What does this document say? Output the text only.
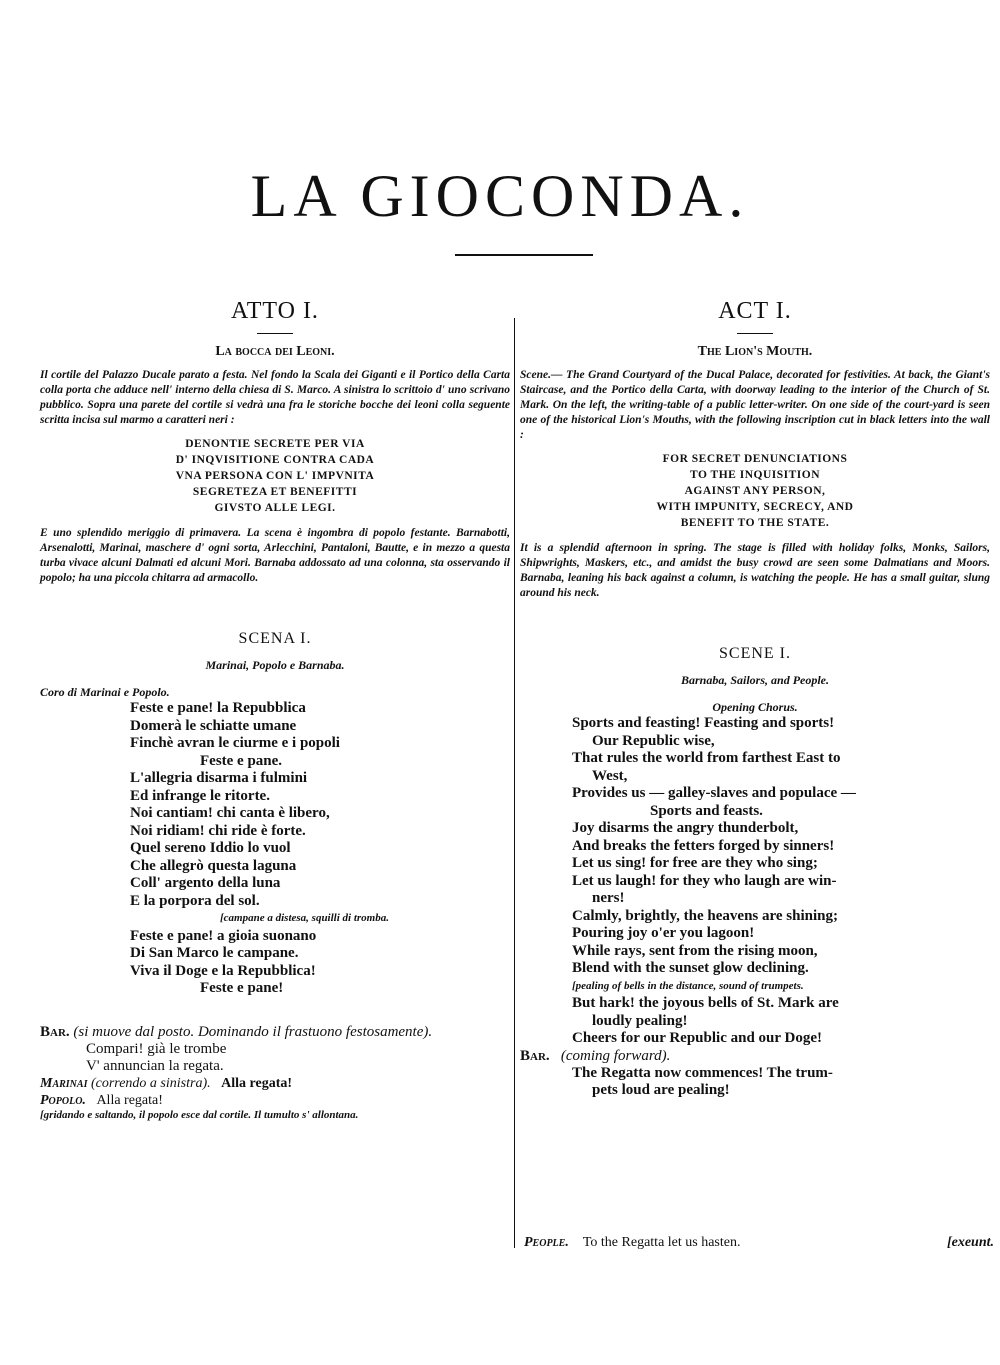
LA GIOCONDA.
ATTO I.
La bocca dei Leoni.
Il cortile del Palazzo Ducale parato a festa. Nel fondo la Scala dei Giganti e il Portico della Carta colla porta che adduce nell' interno della chiesa di S. Marco. A sinistra lo scrittoio d' uno scrivano pubblico. Sopra una parete del cortile si vedrà una fra le storiche bocche dei leoni colla seguente scritta incisa sul marmo a caratteri neri :
DENONTIE SECRETE PER VIA
D' INQVISITIONE CONTRA CADA
VNA PERSONA CON L' IMPVNITA
SEGRETEZA ET BENEFITTI
GIVSTO ALLE LEGI.
E uno splendido meriggio di primavera. La scena è ingombra di popolo festante. Barnabotti, Arsenalotti, Marinai, maschere d' ogni sorta, Arlecchini, Pantaloni, Bautte, e in mezzo a questa turba vivace alcuni Dalmati ed alcuni Mori. Barnaba addossato ad una colonna, sta osservando il popolo; ha una piccola chitarra ad armacollo.
SCENA I.
Marinai, Popolo e Barnaba.
Coro di Marinai e Popolo.
Feste e pane! la Repubblica
Domerà le schiatte umane
Finchè avran le ciurme e i popoli
Feste e pane.
L'allegria disarma i fulmini
Ed infrange le ritorte.
Noi cantiam! chi canta è libero,
Noi ridiam! chi ride è forte.
Quel sereno Iddio lo vuol
Che allegrò questa laguna
Coll' argento della luna
E la porpora del sol.
[campane a distesa, squilli di tromba.
Feste e pane! a gioia suonano
Di San Marco le campane.
Viva il Doge e la Repubblica!
Feste e pane!
Bar. (si muove dal posto. Dominando il frastuono festosamente).
Compari! già le trombe
V' annuncian la regata.
Marinai (correndo a sinistra). Alla regata!
Popolo. Alla regata!
[gridando e saltando, il popolo esce dal cortile. Il tumulto s' allontana.
ACT I.
The Lion's Mouth.
Scene.— The Grand Courtyard of the Ducal Palace, decorated for festivities. At back, the Giant's Staircase, and the Portico della Carta, with doorway leading to the interior of the Church of St. Mark. On the left, the writing-table of a public letter-writer. On one side of the court-yard is seen one of the historical Lion's Mouths, with the following inscription cut in black letters into the wall :
FOR SECRET DENUNCIATIONS
TO THE INQUISITION
AGAINST ANY PERSON,
WITH IMPUNITY, SECRECY, AND
BENEFIT TO THE STATE.
It is a splendid afternoon in spring. The stage is filled with holiday folks, Monks, Sailors, Shipwrights, Maskers, etc., and amidst the busy crowd are seen some Dalmatians and Moors. Barnaba, leaning his back against a column, is watching the people. He has a small guitar, slung around his neck.
SCENE I.
Barnaba, Sailors, and People.
Opening Chorus.
Sports and feasting! Feasting and sports!
Our Republic wise,
That rules the world from farthest East to
West,
Provides us — galley-slaves and populace —
Sports and feasts.
Joy disarms the angry thunderbolt,
And breaks the fetters forged by sinners!
Let us sing! for free are they who sing;
Let us laugh! for they who laugh are win-
ners!
Calmly, brightly, the heavens are shining;
Pouring joy o'er you lagoon!
While rays, sent from the rising moon,
Blend with the sunset glow declining.
[pealing of bells in the distance, sound of trumpets.
But hark! the joyous bells of St. Mark are
loudly pealing!
Cheers for our Republic and our Doge!
Bar. (coming forward).
The Regatta now commences! The trum-
pets loud are pealing!
People. To the Regatta let us hasten.	[exeunt.
